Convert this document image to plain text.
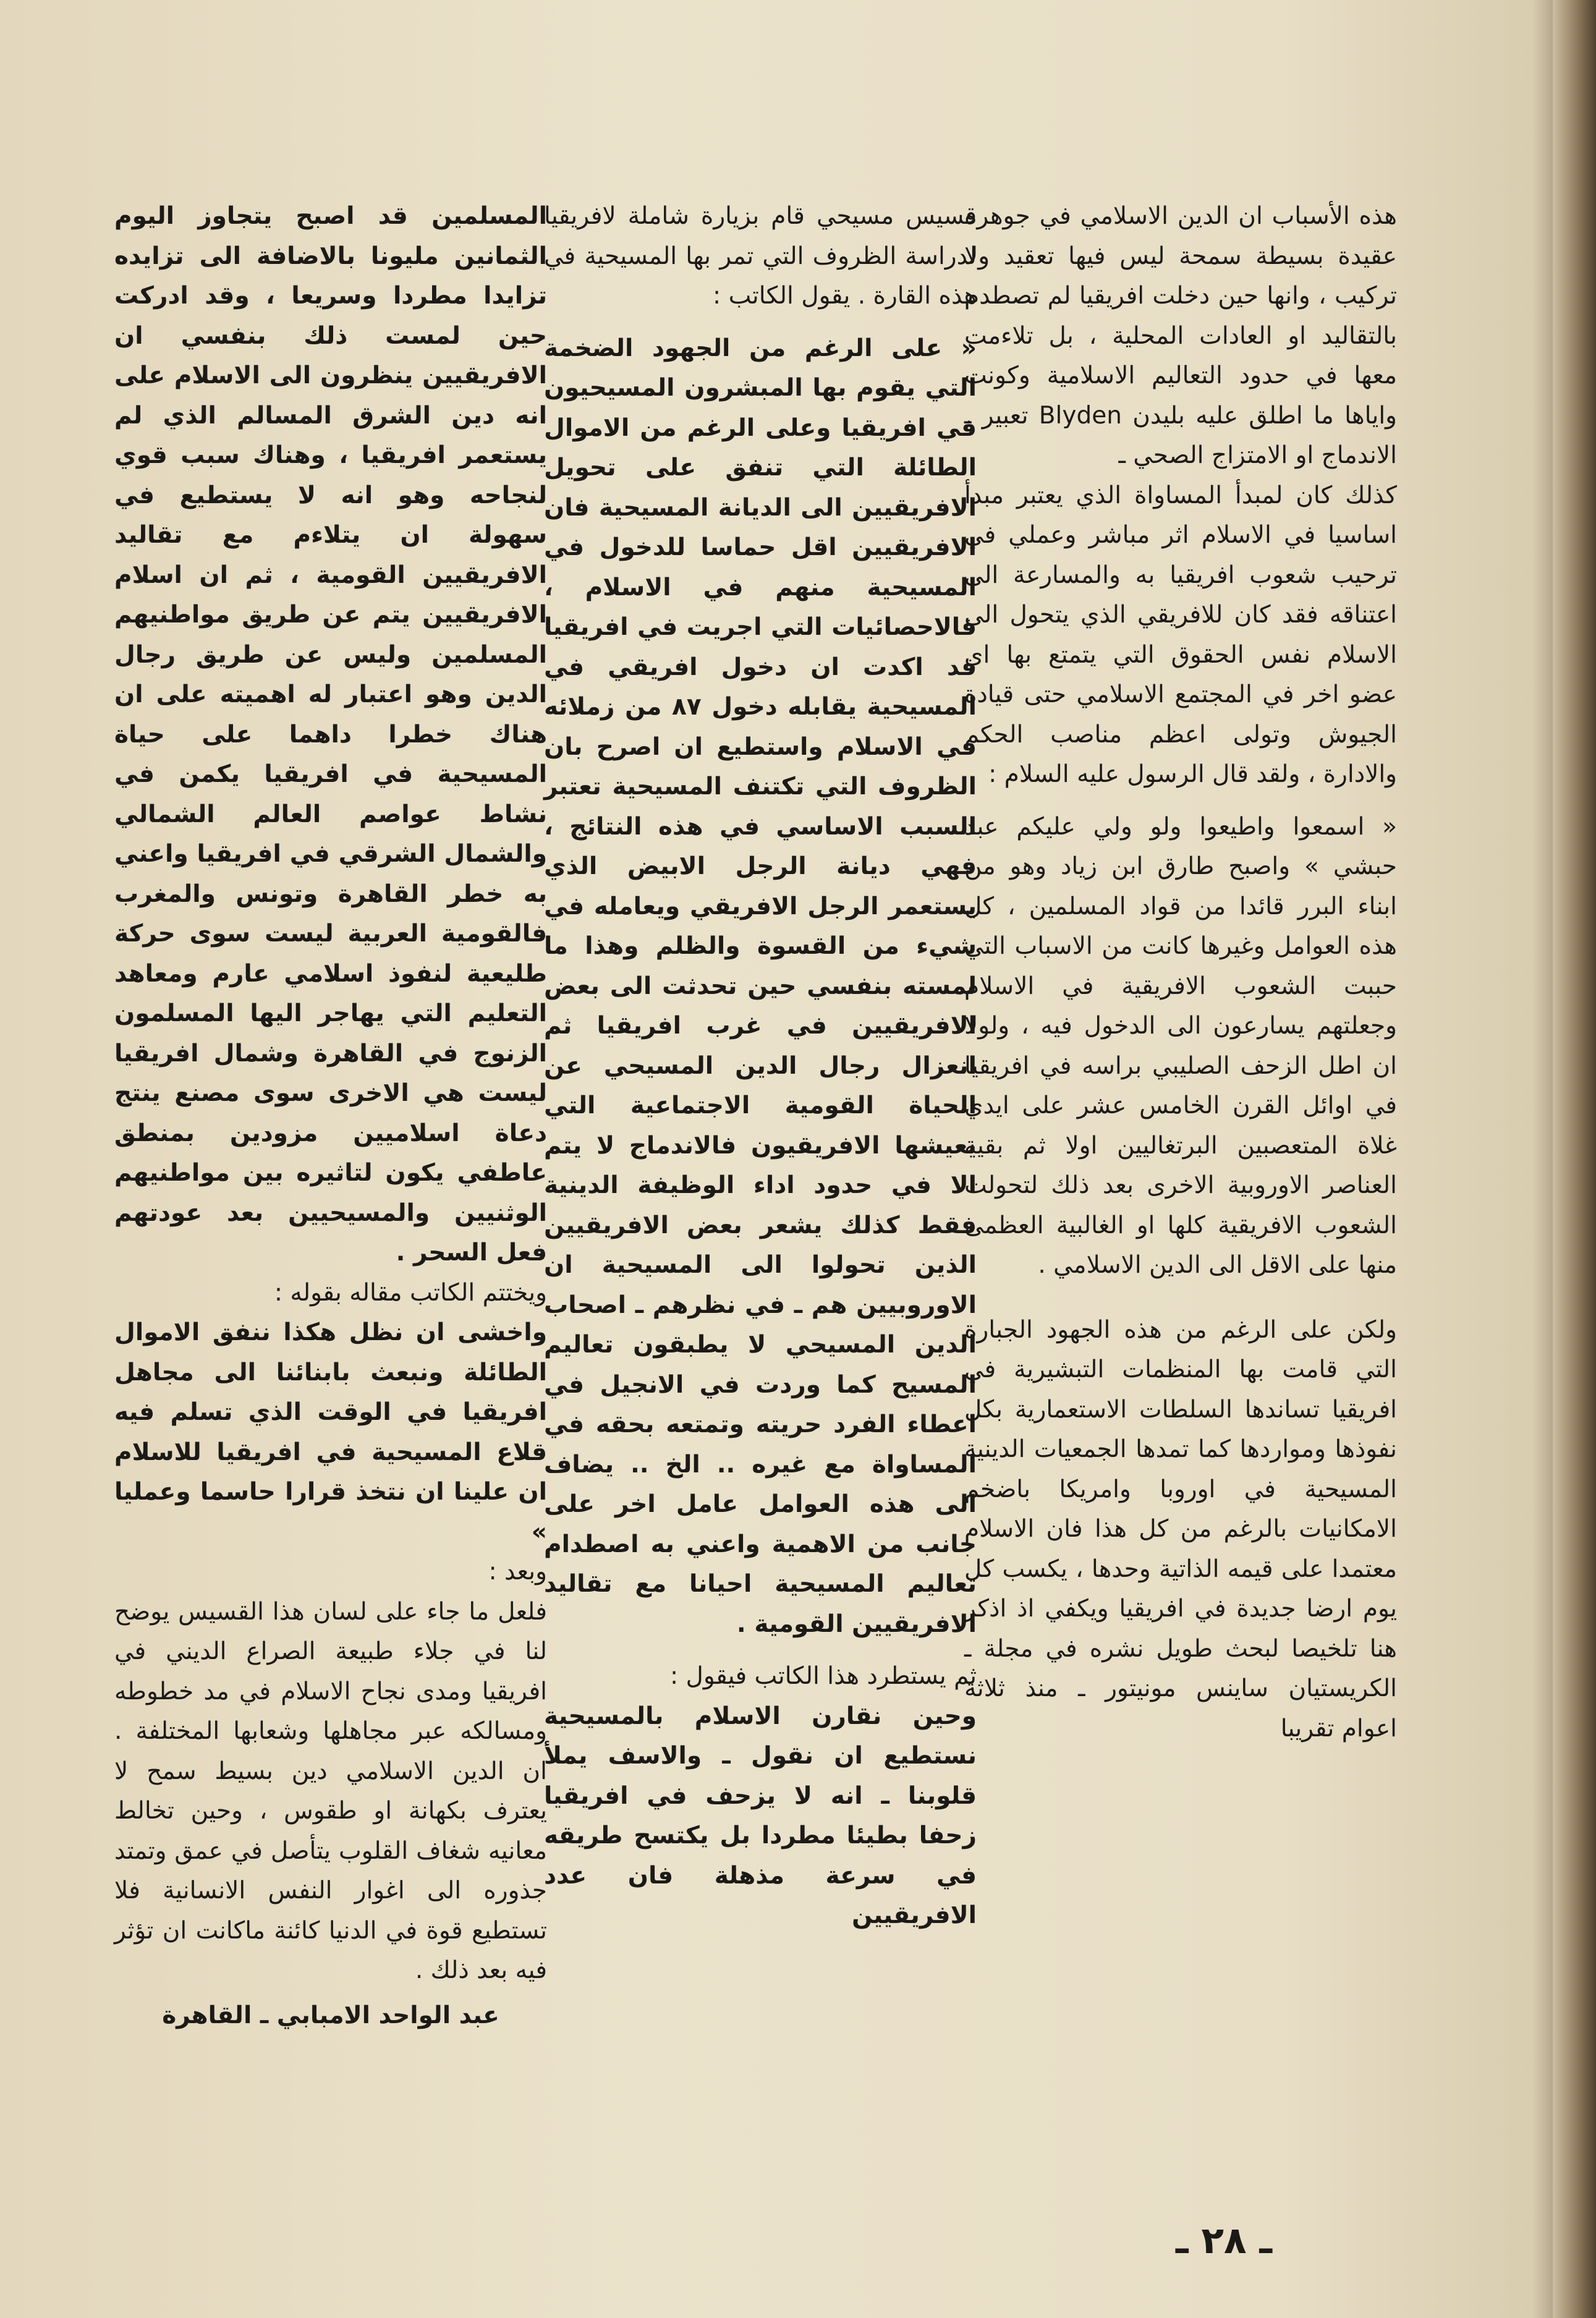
هذه الأسباب ان الدين الاسلامي في جوهره عقيدة بسيطة سمحة ليس فيها تعقيد ولا تركيب ، وانها حين دخلت افريقيا لم تصطدم بالتقاليد او العادات المحلية ، بل تلاءمت معها في حدود التعاليم الاسلامية وكونت واياها ما اطلق عليه بليدن Blyden تعبير ـ الاندماج او الامتزاج الصحي ـ

كذلك كان لمبدأ المساواة الذي يعتبر مبدأ اساسيا في الاسلام اثر مباشر وعملي في ترحيب شعوب افريقيا به والمسارعة الى اعتناقه فقد كان للافريقي الذي يتحول الى الاسلام نفس الحقوق التي يتمتع بها اي عضو اخر في المجتمع الاسلامي حتى قيادة الجيوش وتولى اعظم مناصب الحكم والادارة ، ولقد قال الرسول عليه السلام :

« اسمعوا واطيعوا ولو ولي عليكم عبد حبشي » واصبح طارق ابن زياد وهو من ابناء البرر قائدا من قواد المسلمين ، كل هذه العوامل وغيرها كانت من الاسباب التي حببت الشعوب الافريقية في الاسلام وجعلتهم يسارعون الى الدخول فيه ، ولولا ان اطل الزحف الصليبي براسه في افريقيا في اوائل القرن الخامس عشر على ايدي غلاة المتعصبين البرتغاليين اولا ثم بقية العناصر الاوروبية الاخرى بعد ذلك لتحولت الشعوب الافريقية كلها او الغالبية العظمى منها على الاقل الى الدين الاسلامي .

ولكن على الرغم من هذه الجهود الجبارة التي قامت بها المنظمات التبشيرية في افريقيا تساندها السلطات الاستعمارية بكل نفوذها ومواردها كما تمدها الجمعيات الدينية المسيحية في اوروبا وامريكا باضخم الامكانيات بالرغم من كل هذا فان الاسلام معتمدا على قيمه الذاتية وحدها ، يكسب كل يوم ارضا جديدة في افريقيا ويكفي اذ اذكر هنا تلخيصا لبحث طويل نشره في مجلة ـ الكريستيان ساينس مونيتور ـ منذ ثلاثة اعوام تقريبا

قسيس مسيحي قام بزيارة شاملة لافريقيا لدراسة الظروف التي تمر بها المسيحية في هذه القارة . يقول الكاتب :

« على الرغم من الجهود الضخمة التي يقوم بها المبشرون المسيحيون في افريقيا وعلى الرغم من الاموال الطائلة التي تنفق على تحويل الافريقيين الى الديانة المسيحية فان الافريقيين اقل حماسا للدخول في المسيحية منهم في الاسلام ، فالاحصائيات التي اجريت في افريقيا قد اكدت ان دخول افريقي في المسيحية يقابله دخول ٨٧ من زملائه في الاسلام واستطيع ان اصرح بان الظروف التي تكتنف المسيحية تعتبر السبب الاساسي في هذه النتائج ، فهي ديانة الرجل الابيض الذي يستعمر الرجل الافريقي ويعامله في شيء من القسوة والظلم وهذا ما لمسته بنفسي حين تحدثت الى بعض الافريقيين في غرب افريقيا ثم انعزال رجال الدين المسيحي عن الحياة القومية الاجتماعية التي يعيشها الافريقيون فالاندماج لا يتم الا في حدود اداء الوظيفة الدينية فقط كذلك يشعر بعض الافريقيين الذين تحولوا الى المسيحية ان الاوروبيين هم ـ في نظرهم ـ اصحاب الدين المسيحي لا يطبقون تعاليم المسيح كما وردت في الانجيل في اعطاء الفرد حريته وتمتعه بحقه في المساواة مع غيره .. الخ .. يضاف الى هذه العوامل عامل اخر على جانب من الاهمية واعني به اصطدام تعاليم المسيحية احيانا مع تقاليد الافريقيين القومية .

ثم يستطرد هذا الكاتب فيقول :

وحين نقارن الاسلام بالمسيحية نستطيع ان نقول ـ والاسف يملأ قلوبنا ـ انه لا يزحف في افريقيا زحفا بطيئا مطردا بل يكتسح طريقه في سرعة مذهلة فان عدد الافريقيين

المسلمين قد اصبح يتجاوز اليوم الثمانين مليونا بالاضافة الى تزايده تزايدا مطردا وسريعا ، وقد ادركت حين لمست ذلك بنفسي ان الافريقيين ينظرون الى الاسلام على انه دين الشرق المسالم الذي لم يستعمر افريقيا ، وهناك سبب قوي لنجاحه وهو انه لا يستطيع في سهولة ان يتلاءم مع تقاليد الافريقيين القومية ، ثم ان اسلام الافريقيين يتم عن طريق مواطنيهم المسلمين وليس عن طريق رجال الدين وهو اعتبار له اهميته على ان هناك خطرا داهما على حياة المسيحية في افريقيا يكمن في نشاط عواصم العالم الشمالي والشمال الشرقي في افريقيا واعني به خطر القاهرة وتونس والمغرب فالقومية العربية ليست سوى حركة طليعية لنفوذ اسلامي عارم ومعاهد التعليم التي يهاجر اليها المسلمون الزنوج في القاهرة وشمال افريقيا ليست هي الاخرى سوى مصنع ينتج دعاة اسلاميين مزودين بمنطق عاطفي يكون لتاثيره بين مواطنيهم الوثنيين والمسيحيين بعد عودتهم فعل السحر .

ويختتم الكاتب مقاله بقوله :

واخشى ان نظل هكذا ننفق الاموال الطائلة ونبعث بابنائنا الى مجاهل افريقيا في الوقت الذي تسلم فيه قلاع المسيحية في افريقيا للاسلام ان علينا ان نتخذ قرارا حاسما وعمليا »

وبعد :

فلعل ما جاء على لسان هذا القسيس يوضح لنا في جلاء طبيعة الصراع الديني في افريقيا ومدى نجاح الاسلام في مد خطوطه ومسالكه عبر مجاهلها وشعابها المختلفة . ان الدين الاسلامي دين بسيط سمح لا يعترف بكهانة او طقوس ، وحين تخالط معانيه شغاف القلوب يتأصل في عمق وتمتد جذوره الى اغوار النفس الانسانية فلا تستطيع قوة في الدنيا كائنة ماكانت ان تؤثر فيه بعد ذلك .

عبد الواحد الامبابي ـ القاهرة

ـ ٢٨ ـ
